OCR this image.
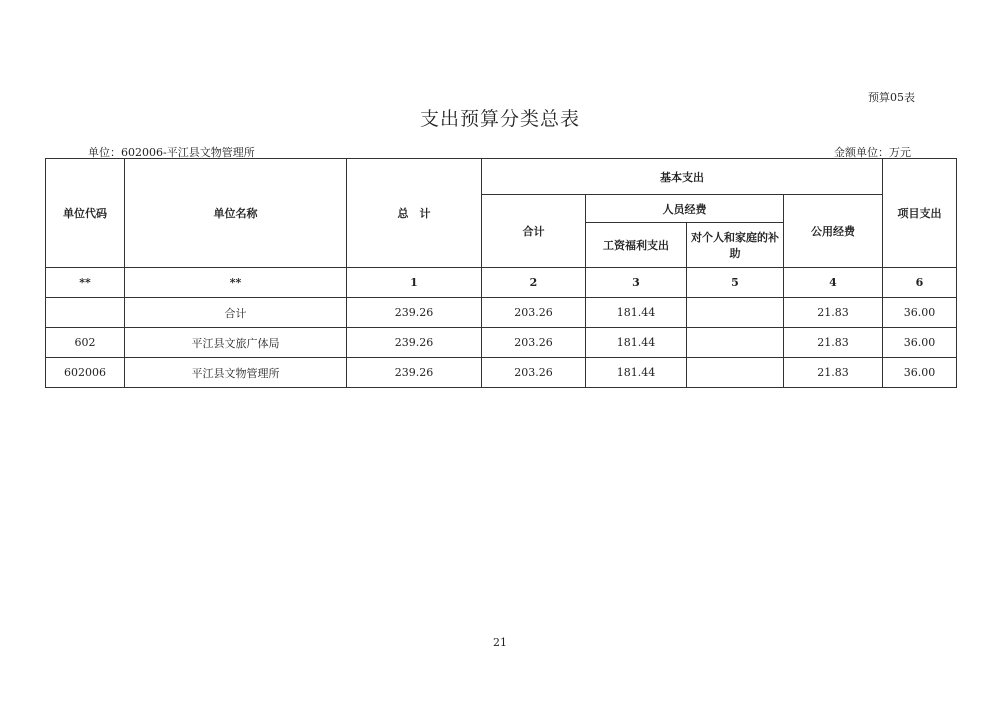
预算05表
支出预算分类总表
单位：602006-平江县文物管理所	金额单位：万元
单位代码	单位名称	总　计	基本支出				项目支出
			合计	人员经费		公用经费	
				工资福利支出	对个人和家庭的补助		
**	**	1	2	3	5	4	6
	合计	239.26	203.26	181.44		21.83	36.00
602	平江县文旅广体局	239.26	203.26	181.44		21.83	36.00
602006	平江县文物管理所	239.26	203.26	181.44		21.83	36.00
21
